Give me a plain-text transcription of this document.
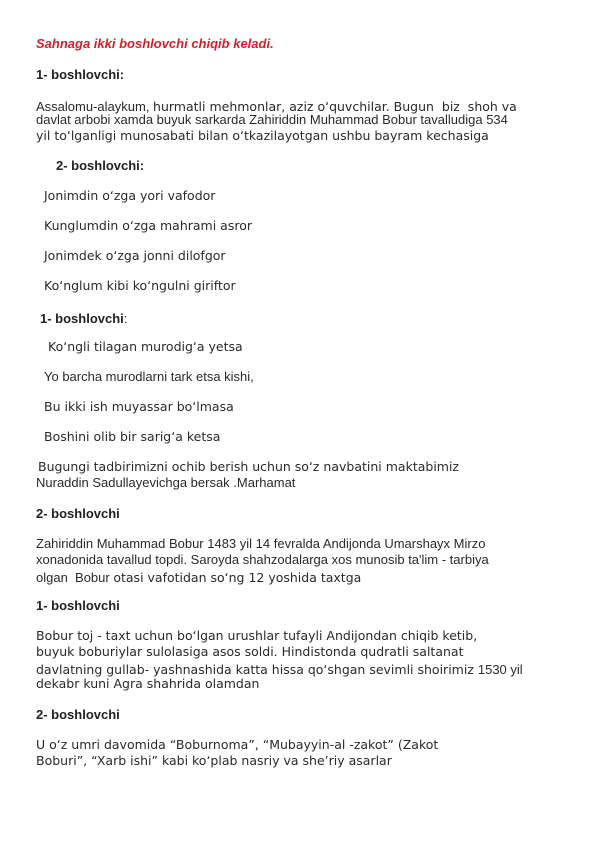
Sahnaga ikki boshlovchi chiqib keladi.
1- boshlovchi:
Assalomu-alaykum, hurmatli mehmonlar, aziz o‘quvchilar. Bugun  biz  shoh va
davlat arbobi xamda buyuk sarkarda Zahiriddin Muhammad Bobur tavalludiga 534
yil to‘lganligi munosabati bilan o‘tkazilayotgan ushbu bayram kechasiga
2- boshlovchi:
Jonimdin o‘zga yori vafodor
Kunglumdin o‘zga mahrami asror
Jonimdek o‘zga jonni dilofgor
Ko‘nglum kibi ko‘ngulni giriftor
1- boshlovchi:
Ko‘ngli tilagan murodig‘a yetsa
Yo barcha murodlarni tark etsa kishi,
Bu ikki ish muyassar bo‘lmasa
Boshini olib bir sarig‘a ketsa
Bugungi tadbirimizni ochib berish uchun so‘z navbatini maktabimiz
Nuraddin Sadullayevichga bersak .Marhamat
2- boshlovchi
Zahiriddin Muhammad Bobur 1483 yil 14 fevralda Andijonda Umarshayx Mirzo
xonadonida tavallud topdi. Saroyda shahzodalarga xos munosib ta'lim - tarbiya
olgan  Bobur otasi vafotidan so‘ng 12 yoshida taxtga
1- boshlovchi
Bobur toj - taxt uchun bo‘lgan urushlar tufayli Andijondan chiqib ketib,
buyuk boburiylar sulolasiga asos soldi. Hindistonda qudratli saltanat
davlatning gullab- yashnashida katta hissa qo‘shgan sevimli shoirimiz 1530 yil
dekabr kuni Agra shahrida olamdan
2- boshlovchi
U o‘z umri davomida “Boburnoma”, “Mubayyin-al -zakot” (Zakot
Boburi”, “Xarb ishi” kabi ko‘plab nasriy va she’riy asarlar
